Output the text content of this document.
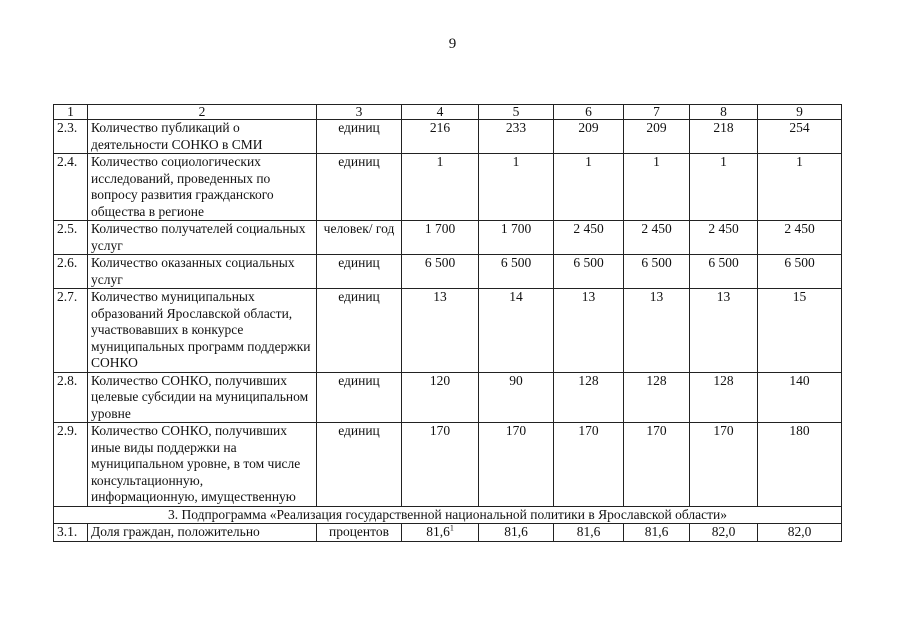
9
1	2	3	4	5	6	7	8	9
2.3.	Количество публикаций о деятельности СОНКО в СМИ	единиц	216	233	209	209	218	254
2.4.	Количество социологических исследований, проведенных по вопросу развития гражданского общества в регионе	единиц	1	1	1	1	1	1
2.5.	Количество получателей социальных услуг	человек/ год	1 700	1 700	2 450	2 450	2 450	2 450
2.6.	Количество оказанных социальных услуг	единиц	6 500	6 500	6 500	6 500	6 500	6 500
2.7.	Количество муниципальных образований Ярославской области, участвовавших в конкурсе муниципальных программ поддержки СОНКО	единиц	13	14	13	13	13	15
2.8.	Количество СОНКО, получивших целевые субсидии на муниципальном уровне	единиц	120	90	128	128	128	140
2.9.	Количество СОНКО, получивших иные виды поддержки на муниципальном уровне, в том числе консультационную, информационную, имущественную	единиц	170	170	170	170	170	180
3. Подпрограмма «Реализация государственной национальной политики в Ярославской области»								
3.1.	Доля граждан, положительно	процентов	81,6$^1$	81,6	81,6	81,6	82,0	82,0
